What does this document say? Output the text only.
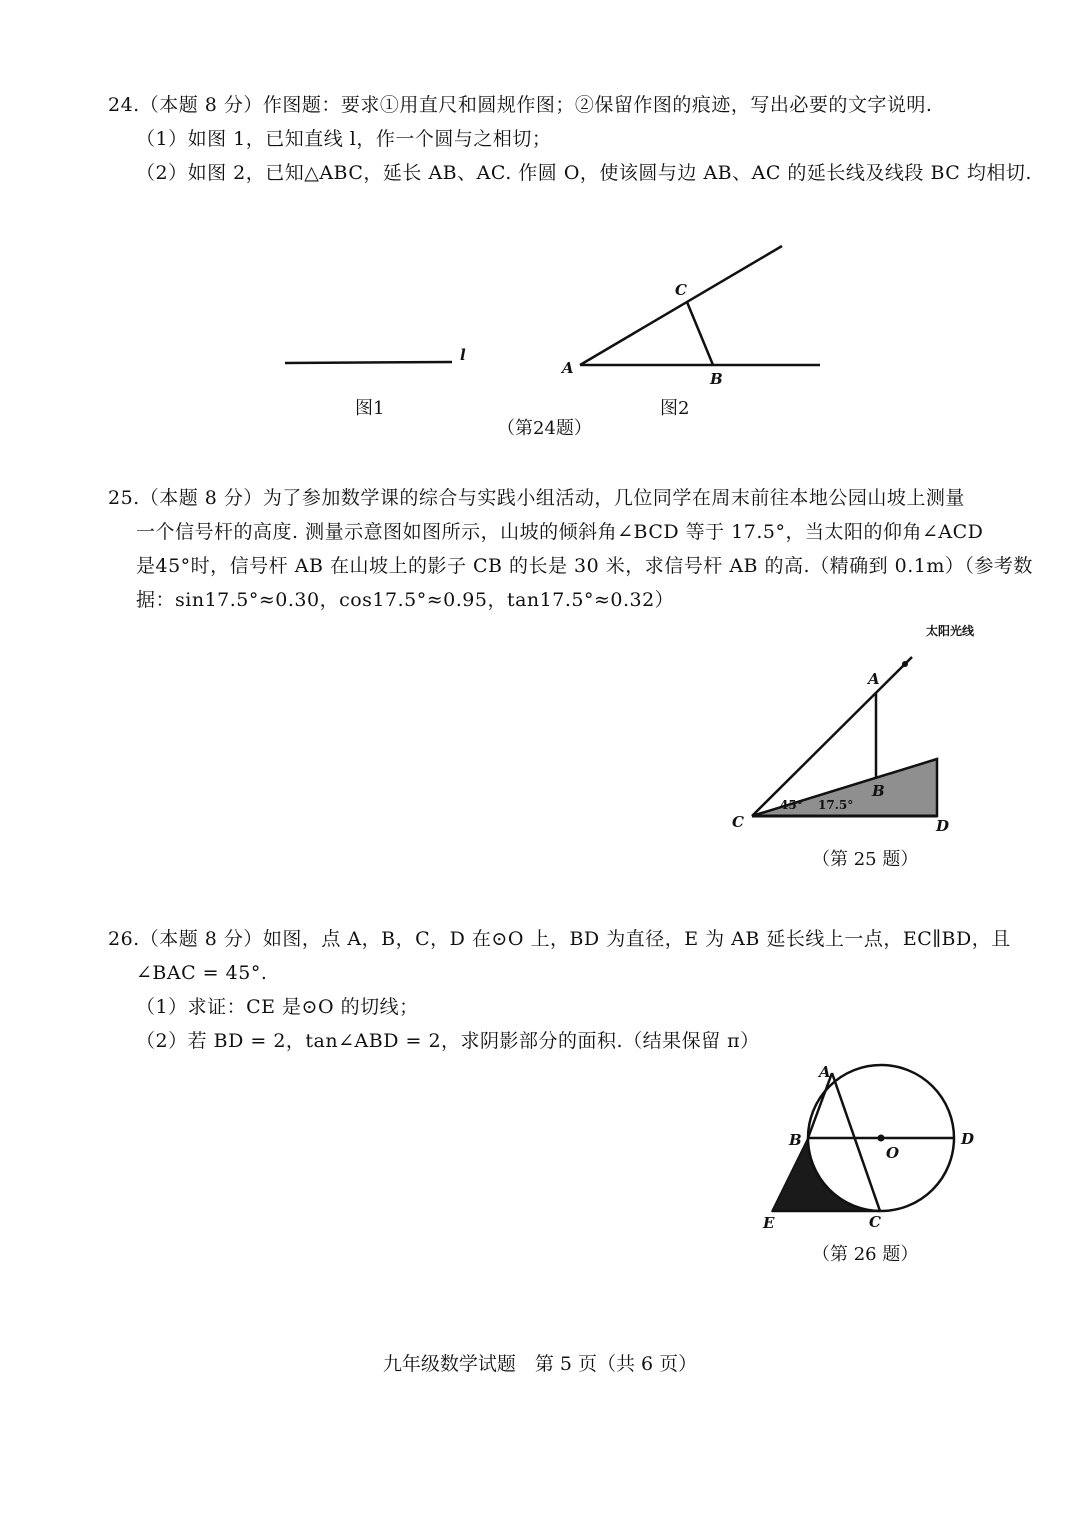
24.（本题 8 分）作图题：要求①用直尺和圆规作图；②保留作图的痕迹，写出必要的文字说明.
（1）如图 1，已知直线 l，作一个圆与之相切；
（2）如图 2，已知△ABC，延长 AB、AC. 作圆 O，使该圆与边 AB、AC 的延长线及线段 BC 均相切.
l
图1
A
B
C
图2
（第24题）
25.（本题 8 分）为了参加数学课的综合与实践小组活动，几位同学在周末前往本地公园山坡上测量
一个信号杆的高度. 测量示意图如图所示，山坡的倾斜角∠BCD 等于 17.5°，当太阳的仰角∠ACD
是45°时，信号杆 AB 在山坡上的影子 CB 的长是 30 米，求信号杆 AB 的高.（精确到 0.1m）（参考数
据：sin17.5°≈0.30，cos17.5°≈0.95，tan17.5°≈0.32）
太阳光线
A
B
C	D
45° 17.5°
（第 25 题）
26.（本题 8 分）如图，点 A，B，C，D 在⊙O 上，BD 为直径，E 为 AB 延长线上一点，EC∥BD，且
∠BAC = 45°.
（1）求证：CE 是⊙O 的切线；
（2）若 BD = 2，tan∠ABD = 2，求阴影部分的面积.（结果保留 π）
A
B
C
D
E
O
（第 26 题）
九年级数学试题　第 5 页（共 6 页）
